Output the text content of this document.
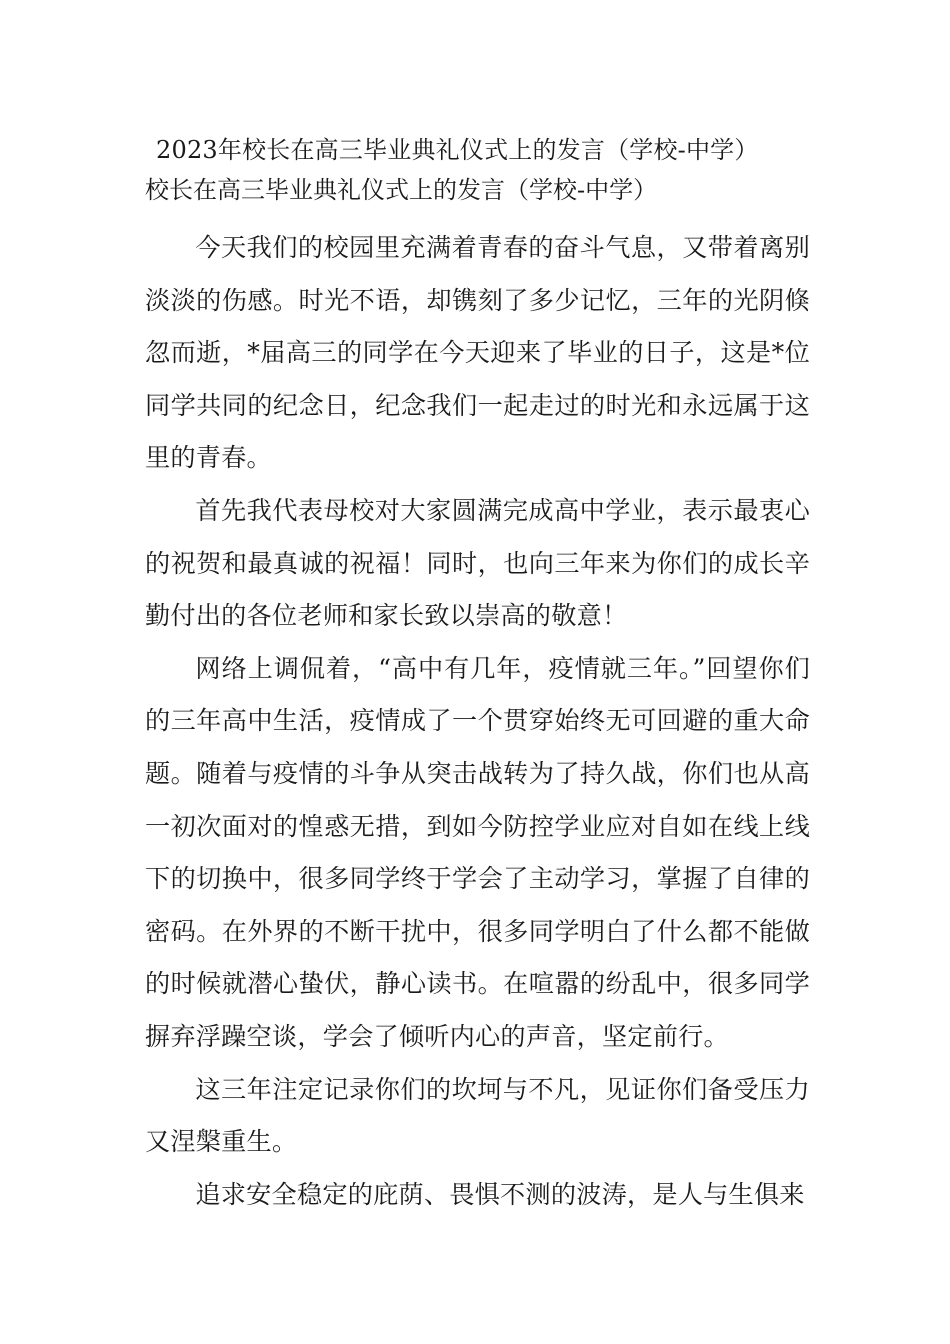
2023年校长在高三毕业典礼仪式上的发言（学校-中学）
校长在高三毕业典礼仪式上的发言（学校-中学）

今天我们的校园里充满着青春的奋斗气息，又带着离别淡淡的伤感。时光不语，却镌刻了多少记忆，三年的光阴倏忽而逝，*届高三的同学在今天迎来了毕业的日子，这是*位同学共同的纪念日，纪念我们一起走过的时光和永远属于这里的青春。

首先我代表母校对大家圆满完成高中学业，表示最衷心的祝贺和最真诚的祝福！同时，也向三年来为你们的成长辛勤付出的各位老师和家长致以崇高的敬意！

网络上调侃着，“高中有几年，疫情就三年。”回望你们的三年高中生活，疫情成了一个贯穿始终无可回避的重大命题。随着与疫情的斗争从突击战转为了持久战，你们也从高一初次面对的惶惑无措，到如今防控学业应对自如在线上线下的切换中，很多同学终于学会了主动学习，掌握了自律的密码。在外界的不断干扰中，很多同学明白了什么都不能做的时候就潜心蛰伏，静心读书。在喧嚣的纷乱中，很多同学摒弃浮躁空谈，学会了倾听内心的声音，坚定前行。

这三年注定记录你们的坎坷与不凡，见证你们备受压力又涅槃重生。

追求安全稳定的庇荫、畏惧不测的波涛，是人与生俱来
